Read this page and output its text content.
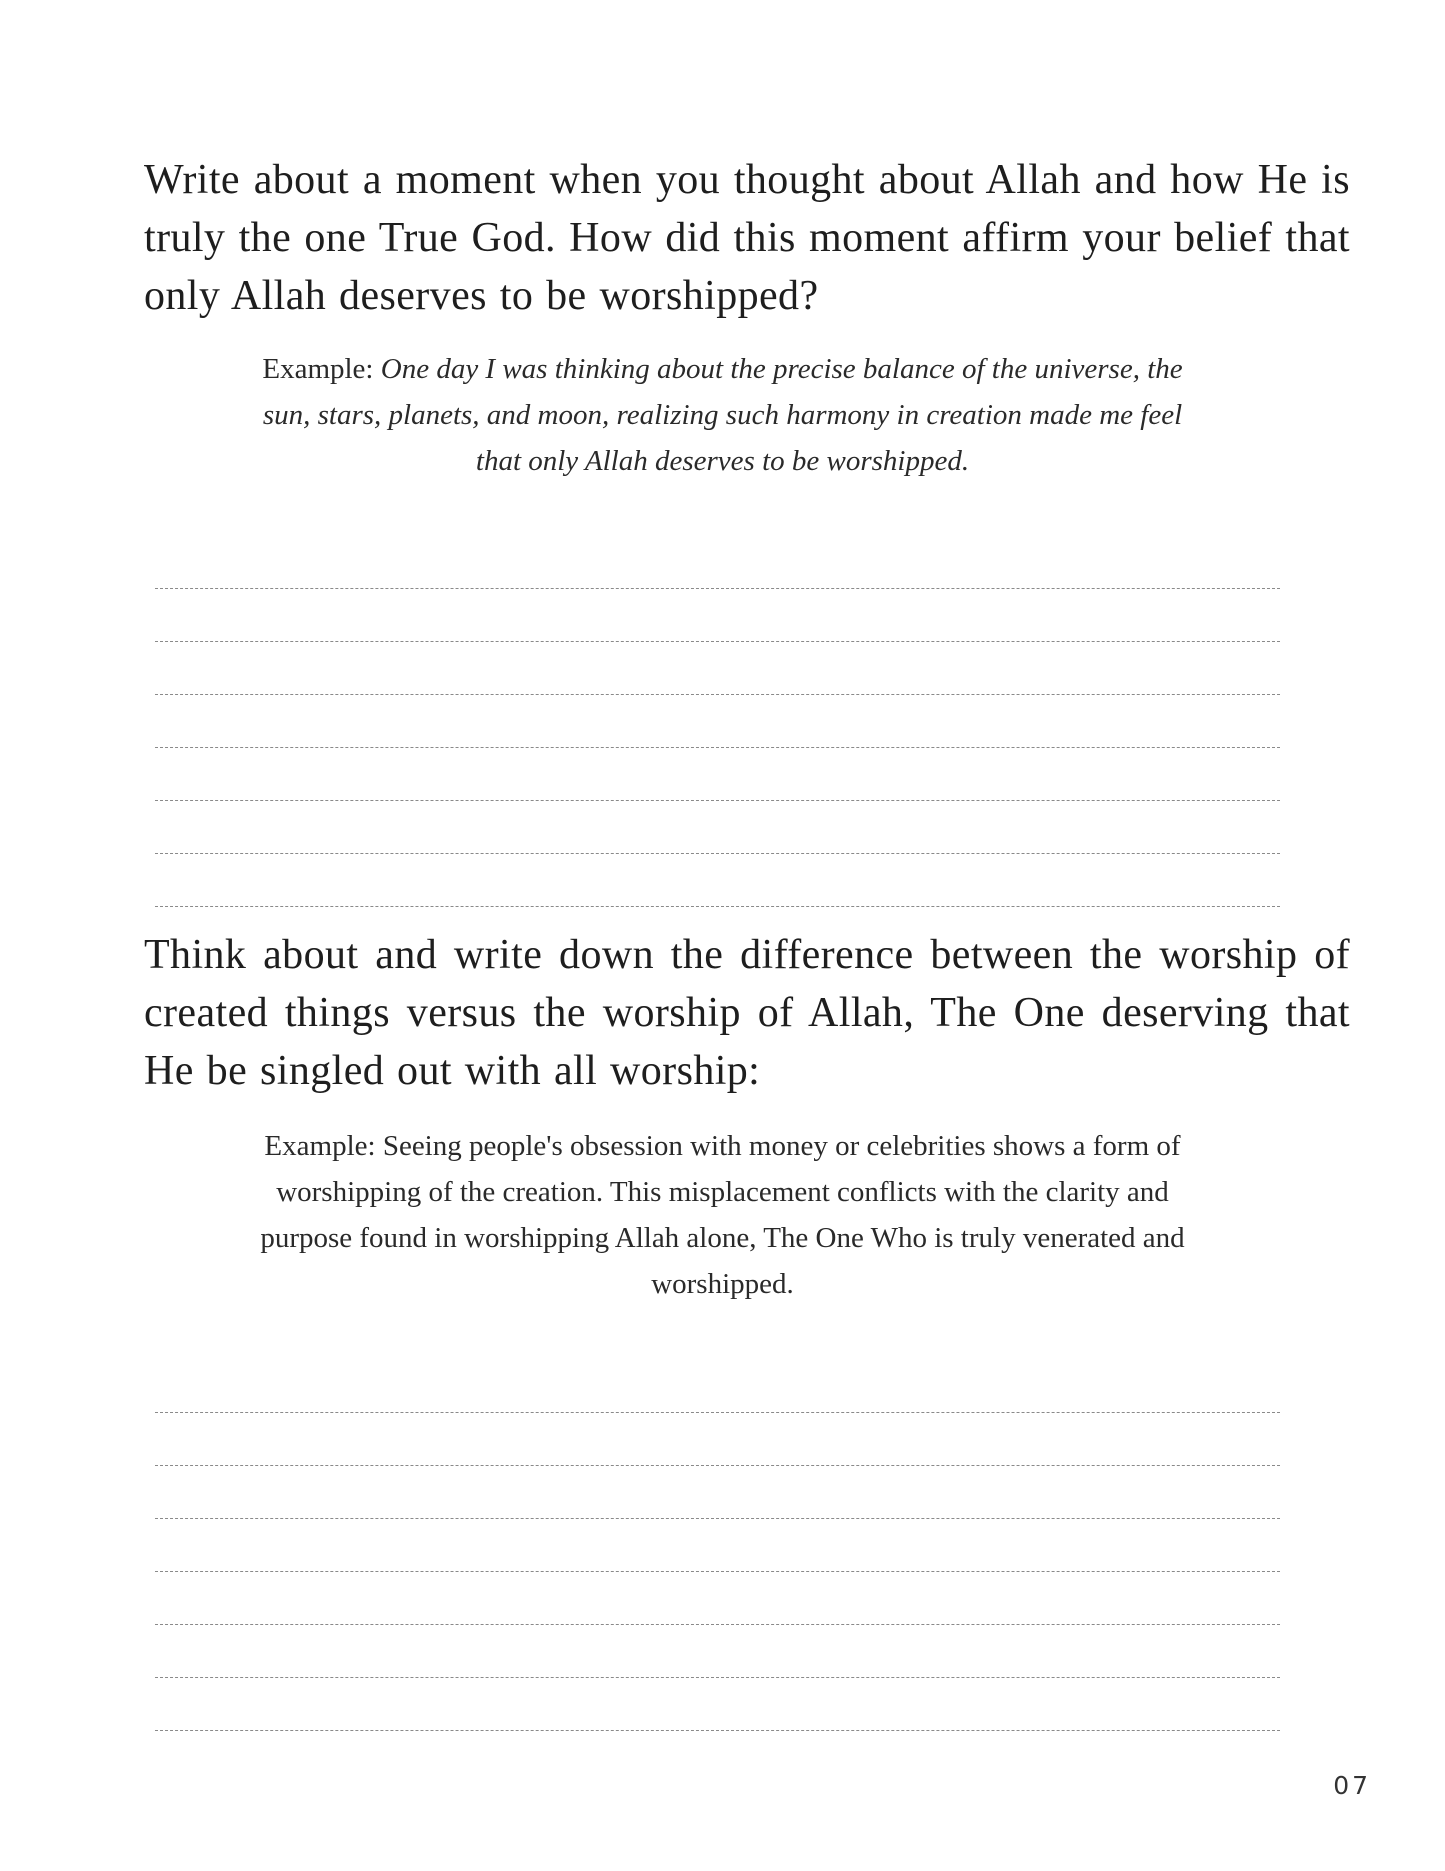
Write about a moment when you thought about Allah and how He is truly the one True God. How did this moment affirm your belief that only Allah deserves to be worshipped?

Example: One day I was thinking about the precise balance of the universe, the sun, stars, planets, and moon, realizing such harmony in creation made me feel that only Allah deserves to be worshipped.

Think about and write down the difference between the worship of created things versus the worship of Allah, The One deserving that He be singled out with all worship:

Example: Seeing people's obsession with money or celebrities shows a form of worshipping of the creation. This misplacement conflicts with the clarity and purpose found in worshipping Allah alone, The One Who is truly venerated and worshipped.

07
